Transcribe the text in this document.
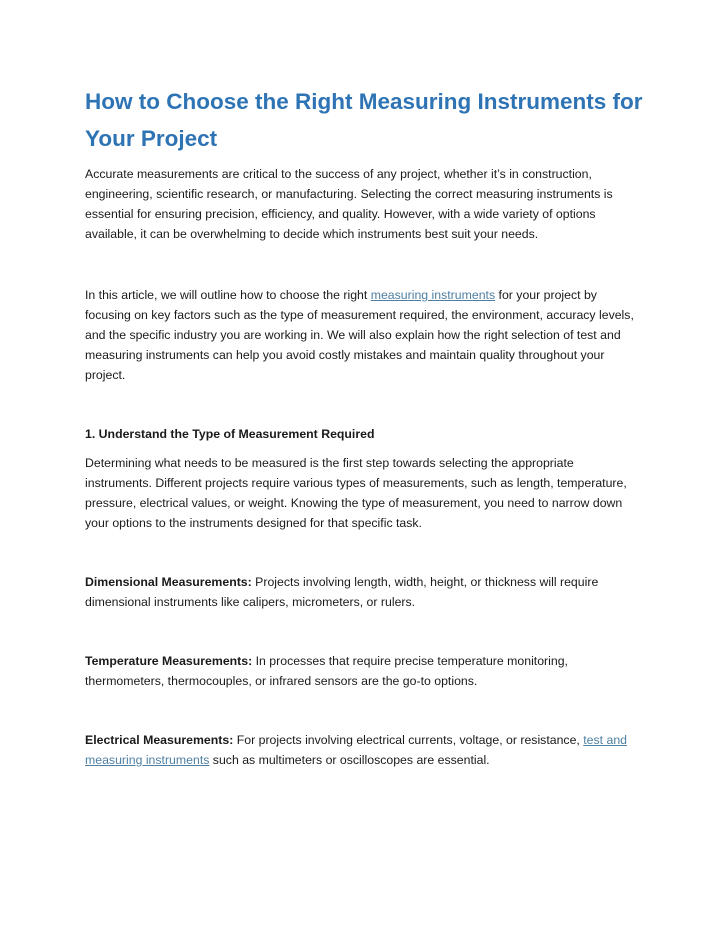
How to Choose the Right Measuring Instruments for Your Project

Accurate measurements are critical to the success of any project, whether it’s in construction, engineering, scientific research, or manufacturing. Selecting the correct measuring instruments is essential for ensuring precision, efficiency, and quality. However, with a wide variety of options available, it can be overwhelming to decide which instruments best suit your needs.

In this article, we will outline how to choose the right measuring instruments for your project by focusing on key factors such as the type of measurement required, the environment, accuracy levels, and the specific industry you are working in. We will also explain how the right selection of test and measuring instruments can help you avoid costly mistakes and maintain quality throughout your project.

1. Understand the Type of Measurement Required

Determining what needs to be measured is the first step towards selecting the appropriate instruments. Different projects require various types of measurements, such as length, temperature, pressure, electrical values, or weight. Knowing the type of measurement, you need to narrow down your options to the instruments designed for that specific task.

Dimensional Measurements: Projects involving length, width, height, or thickness will require dimensional instruments like calipers, micrometers, or rulers.

Temperature Measurements: In processes that require precise temperature monitoring, thermometers, thermocouples, or infrared sensors are the go-to options.

Electrical Measurements: For projects involving electrical currents, voltage, or resistance, test and measuring instruments such as multimeters or oscilloscopes are essential.
